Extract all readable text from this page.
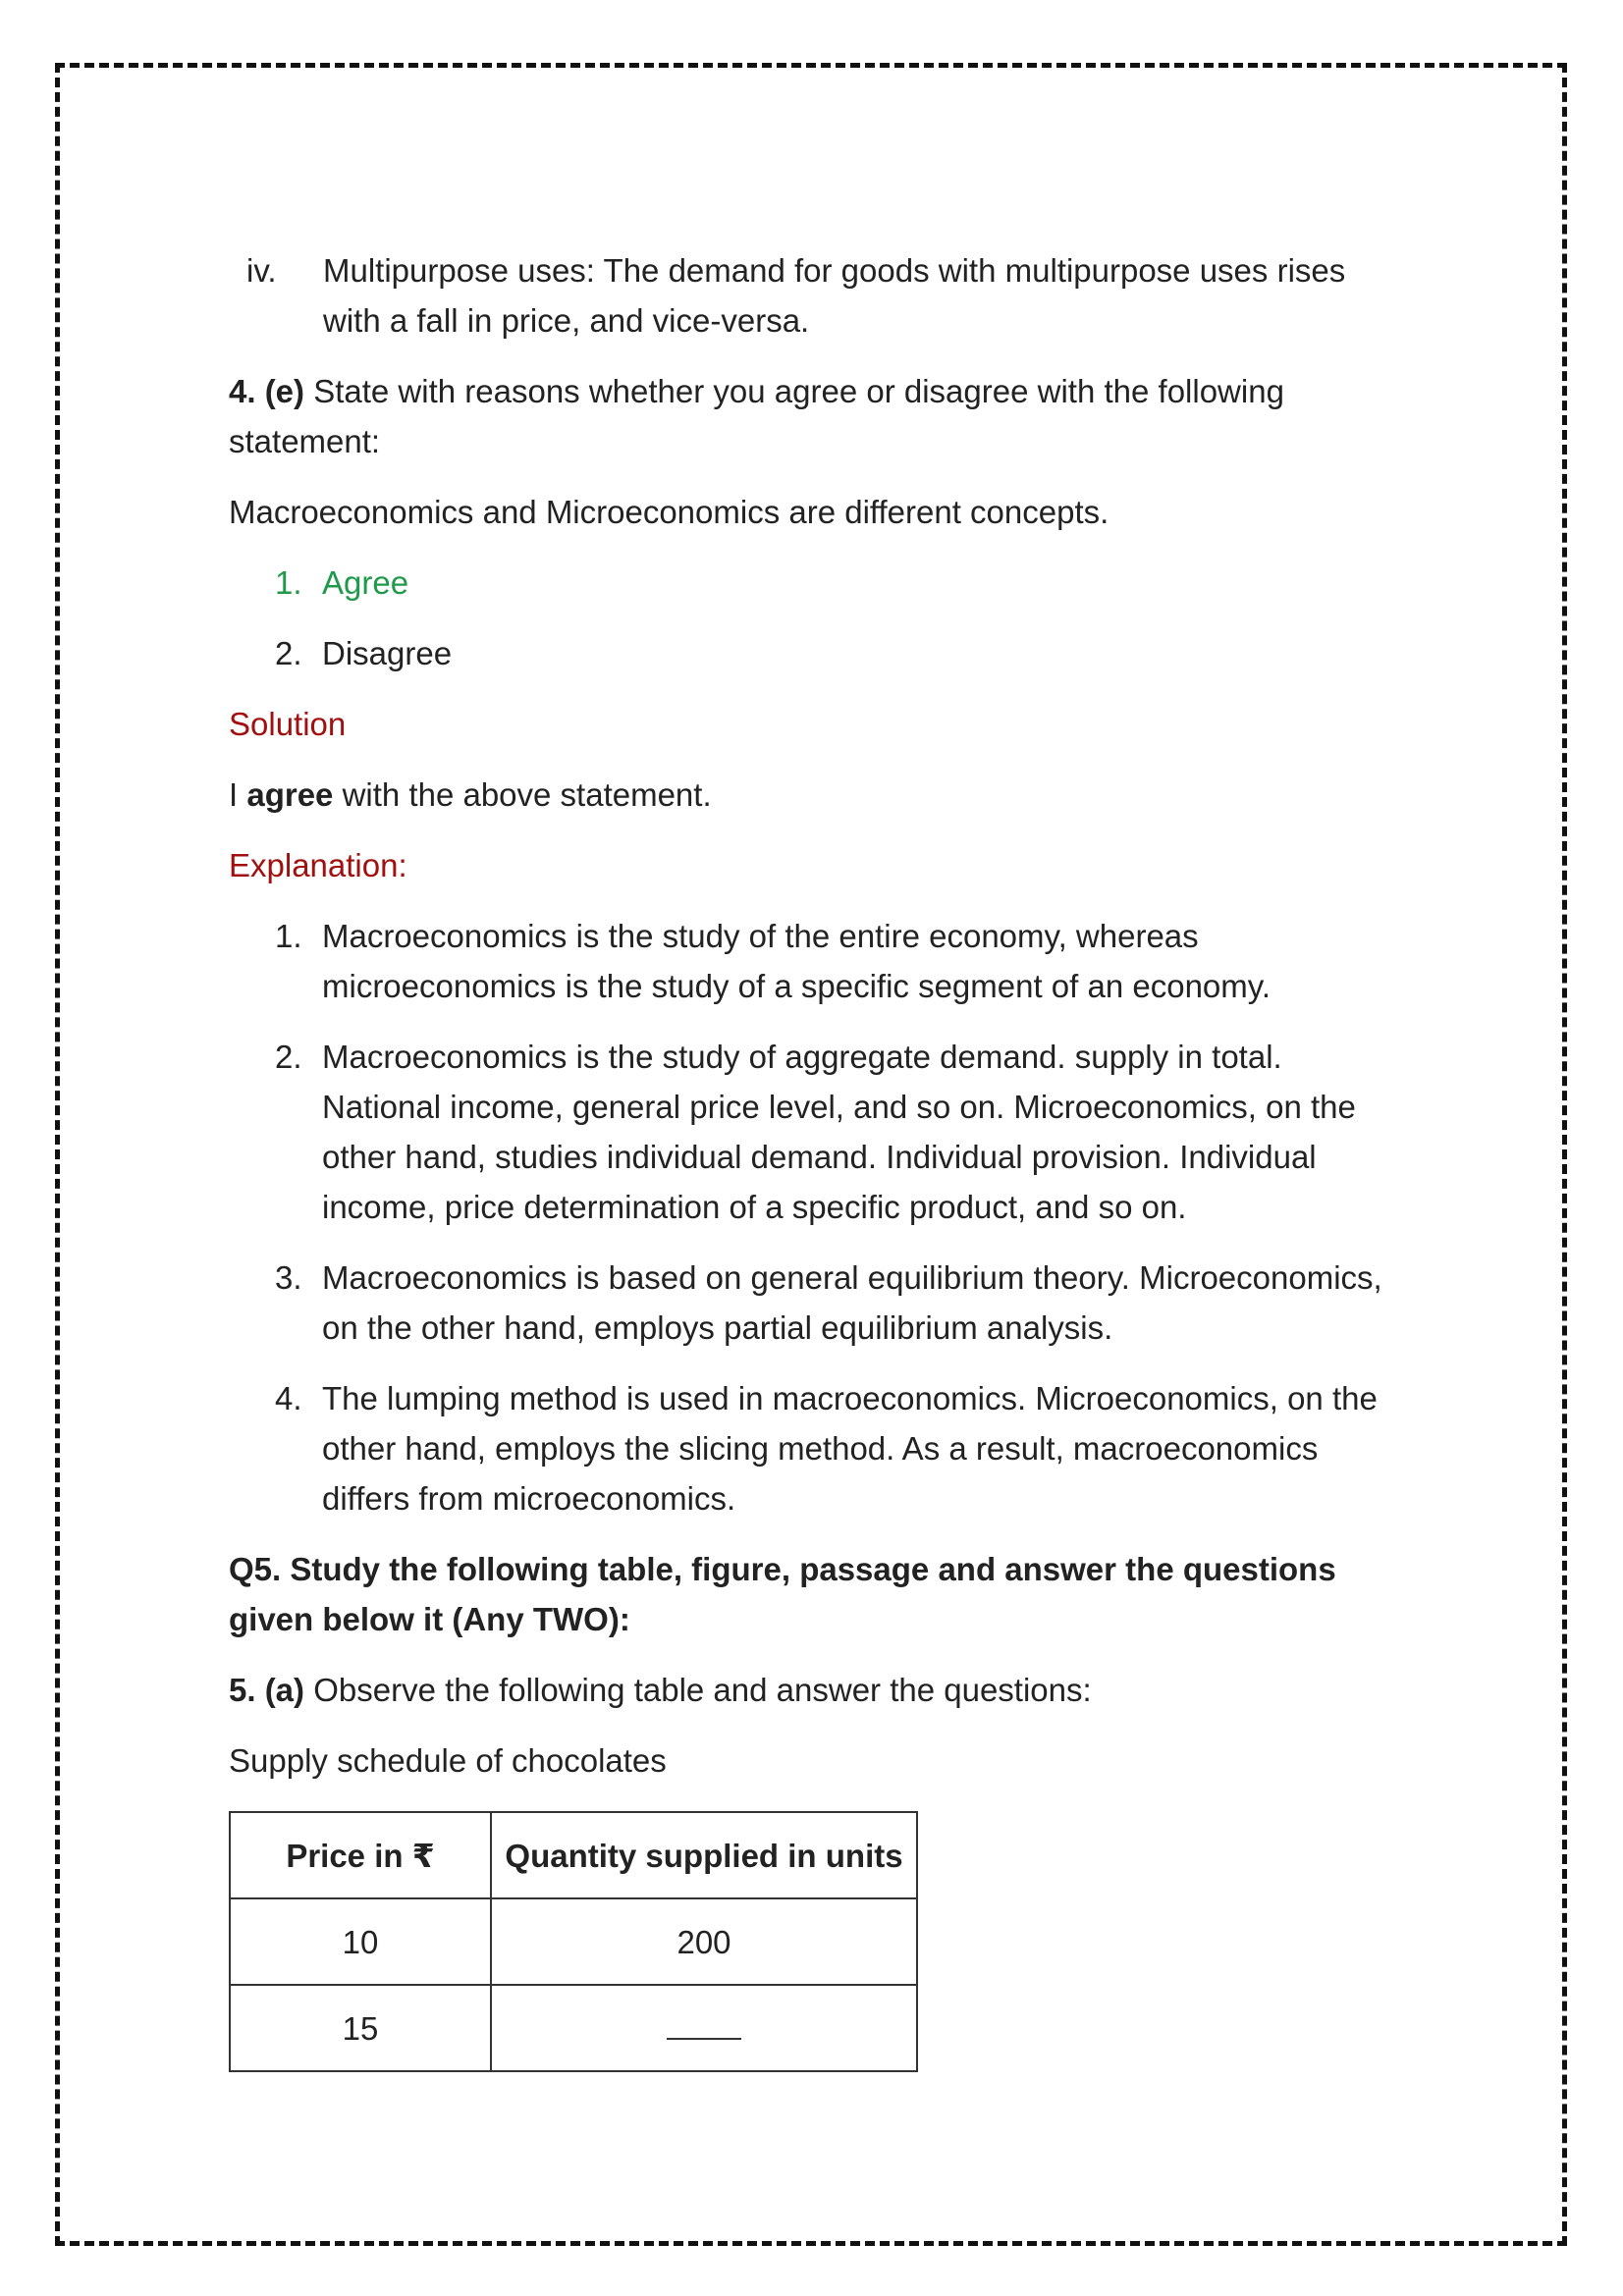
iv.	Multipurpose uses: The demand for goods with multipurpose uses rises with a fall in price, and vice-versa.

4. (e) State with reasons whether you agree or disagree with the following statement:

Macroeconomics and Microeconomics are different concepts.

1. Agree
2. Disagree

Solution

I agree with the above statement.

Explanation:

1. Macroeconomics is the study of the entire economy, whereas microeconomics is the study of a specific segment of an economy.
2. Macroeconomics is the study of aggregate demand. supply in total. National income, general price level, and so on. Microeconomics, on the other hand, studies individual demand. Individual provision. Individual income, price determination of a specific product, and so on.
3. Macroeconomics is based on general equilibrium theory. Microeconomics, on the other hand, employs partial equilibrium analysis.
4. The lumping method is used in macroeconomics. Microeconomics, on the other hand, employs the slicing method. As a result, macroeconomics differs from microeconomics.

Q5. Study the following table, figure, passage and answer the questions given below it (Any TWO):

5. (a) Observe the following table and answer the questions:

Supply schedule of chocolates

Price in ₹	Quantity supplied in units
10	200
15	
